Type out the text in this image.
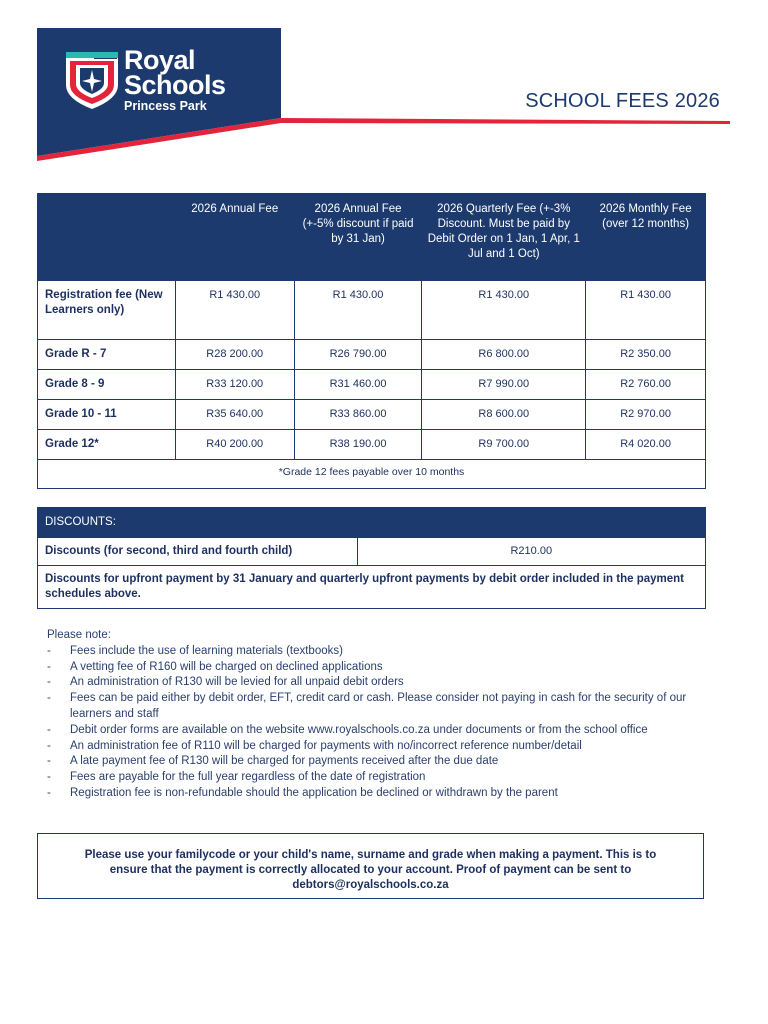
Royal
Schools
Princess Park	SCHOOL FEES 2026
	2026 Annual Fee	2026 Annual Fee (+-5% discount if paid by 31 Jan)	2026 Quarterly Fee (+-3% Discount. Must be paid by Debit Order on 1 Jan, 1 Apr, 1 Jul and 1 Oct)	2026 Monthly Fee (over 12 months)
Registration fee (New Learners only)	R1 430.00	R1 430.00	R1 430.00	R1 430.00
Grade R - 7	R28 200.00	R26 790.00	R6 800.00	R2 350.00
Grade 8 - 9	R33 120.00	R31 460.00	R7 990.00	R2 760.00
Grade 10 - 11	R35 640.00	R33 860.00	R8 600.00	R2 970.00
Grade 12*	R40 200.00	R38 190.00	R9 700.00	R4 020.00
*Grade 12 fees payable over 10 months				
DISCOUNTS:
Discounts (for second, third and fourth child)	R210.00
Discounts for upfront payment by 31 January and quarterly upfront payments by debit order included in the payment schedules above.
Please note:
- Fees include the use of learning materials (textbooks)
- A vetting fee of R160 will be charged on declined applications
- An administration of R130 will be levied for all unpaid debit orders
- Fees can be paid either by debit order, EFT, credit card or cash. Please consider not paying in cash for the security of our learners and staff
- Debit order forms are available on the website www.royalschools.co.za under documents or from the school office
- An administration fee of R110 will be charged for payments with no/incorrect reference number/detail
- A late payment fee of R130 will be charged for payments received after the due date
- Fees are payable for the full year regardless of the date of registration
- Registration fee is non-refundable should the application be declined or withdrawn by the parent
Please use your familycode or your child's name, surname and grade when making a payment. This is to ensure that the payment is correctly allocated to your account. Proof of payment can be sent to debtors@royalschools.co.za
